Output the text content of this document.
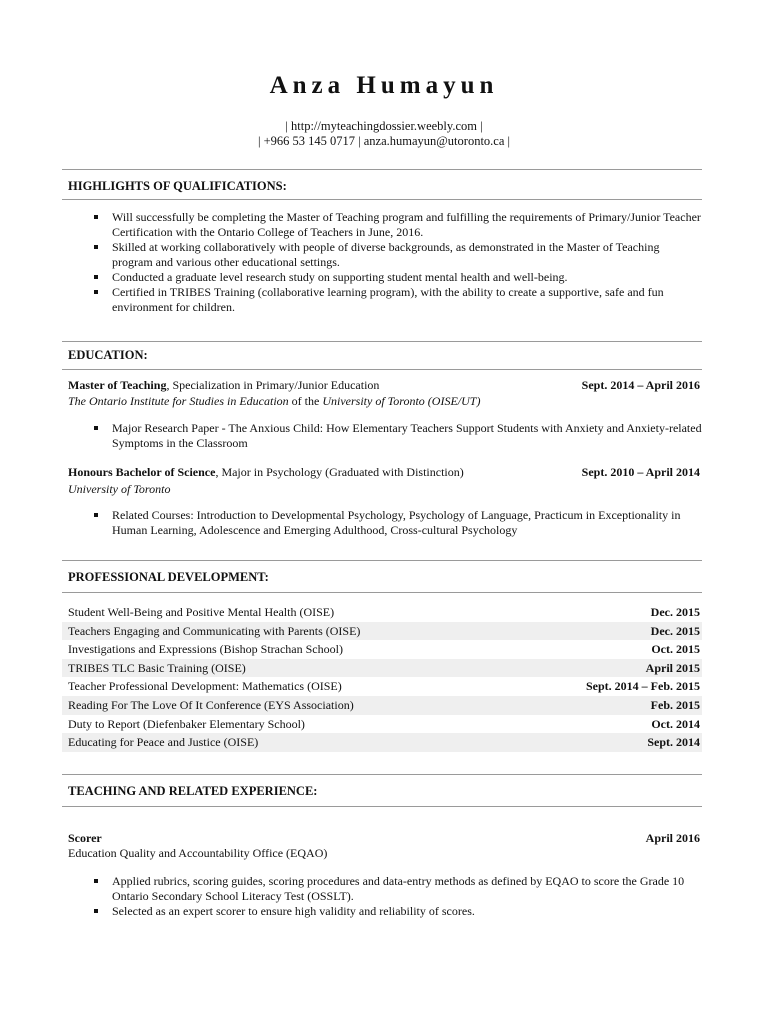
Anza Humayun
| http://myteachingdossier.weebly.com |
| +966 53 145 0717 | anza.humayun@utoronto.ca |
HIGHLIGHTS OF QUALIFICATIONS:
Will successfully be completing the Master of Teaching program and fulfilling the requirements of Primary/Junior Teacher Certification with the Ontario College of Teachers in June, 2016.
Skilled at working collaboratively with people of diverse backgrounds, as demonstrated in the Master of Teaching program and various other educational settings.
Conducted a graduate level research study on supporting student mental health and well-being.
Certified in TRIBES Training (collaborative learning program), with the ability to create a supportive, safe and fun environment for children.
EDUCATION:
Master of Teaching, Specialization in Primary/Junior Education	Sept. 2014 – April 2016
The Ontario Institute for Studies in Education of the University of Toronto (OISE/UT)
Major Research Paper - The Anxious Child: How Elementary Teachers Support Students with Anxiety and Anxiety-related Symptoms in the Classroom
Honours Bachelor of Science, Major in Psychology (Graduated with Distinction)	Sept. 2010 – April 2014
University of Toronto
Related Courses: Introduction to Developmental Psychology, Psychology of Language, Practicum in Exceptionality in Human Learning, Adolescence and Emerging Adulthood, Cross-cultural Psychology
PROFESSIONAL DEVELOPMENT:
Student Well-Being and Positive Mental Health (OISE)	Dec. 2015
Teachers Engaging and Communicating with Parents (OISE)	Dec. 2015
Investigations and Expressions (Bishop Strachan School)	Oct. 2015
TRIBES TLC Basic Training (OISE)	April 2015
Teacher Professional Development: Mathematics (OISE)	Sept. 2014 – Feb. 2015
Reading For The Love Of It Conference (EYS Association)	Feb. 2015
Duty to Report (Diefenbaker Elementary School)	Oct. 2014
Educating for Peace and Justice (OISE)	Sept. 2014
TEACHING AND RELATED EXPERIENCE:
Scorer	April 2016
Education Quality and Accountability Office (EQAO)
Applied rubrics, scoring guides, scoring procedures and data-entry methods as defined by EQAO to score the Grade 10 Ontario Secondary School Literacy Test (OSSLT).
Selected as an expert scorer to ensure high validity and reliability of scores.
